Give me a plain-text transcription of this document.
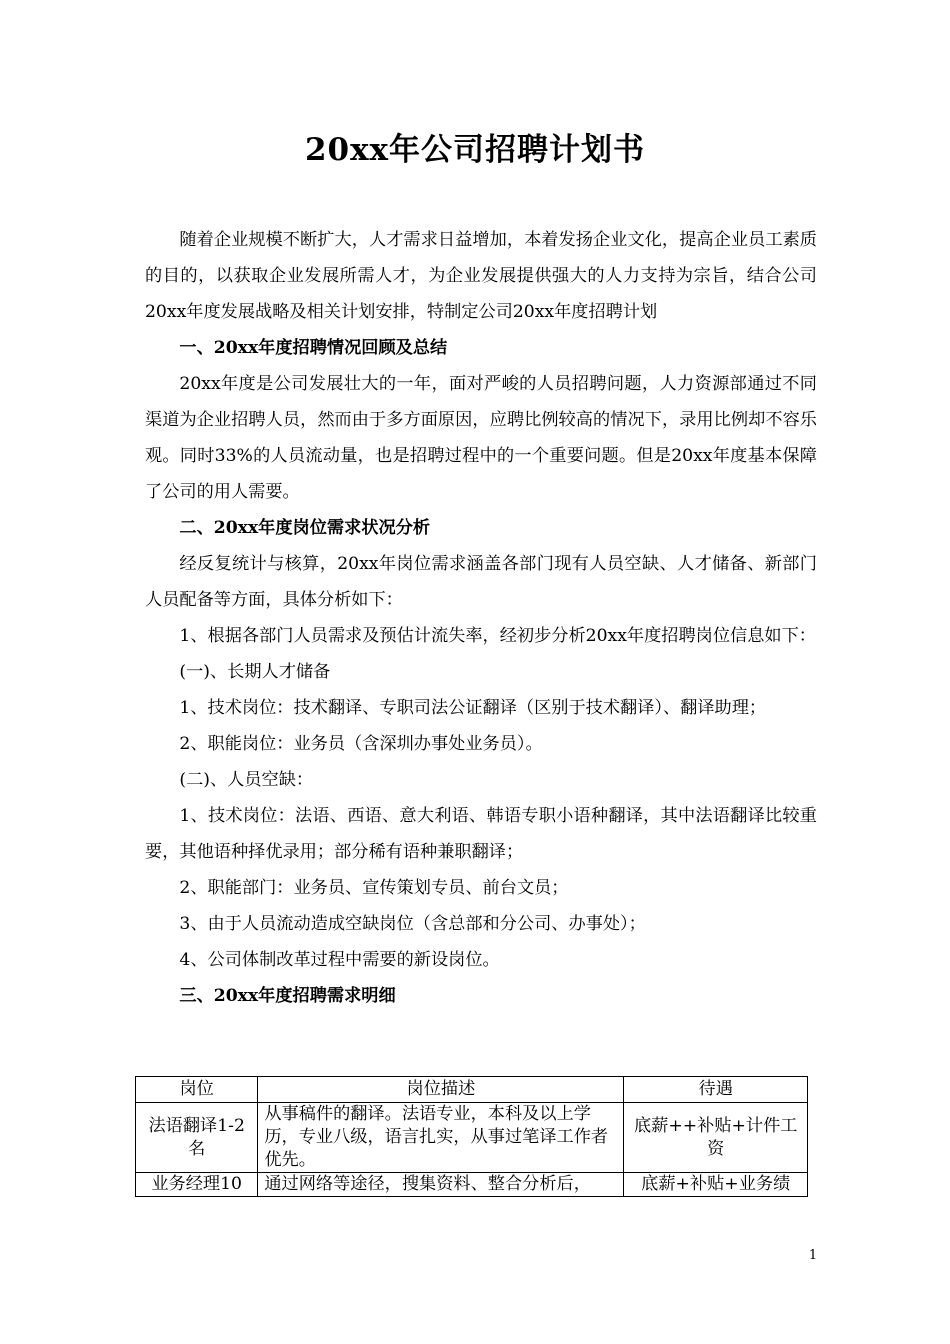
20xx年公司招聘计划书

随着企业规模不断扩大，人才需求日益增加，本着发扬企业文化，提高企业员工素质的目的，以获取企业发展所需人才，为企业发展提供强大的人力支持为宗旨，结合公司20xx年度发展战略及相关计划安排，特制定公司20xx年度招聘计划

一、20xx年度招聘情况回顾及总结

20xx年度是公司发展壮大的一年，面对严峻的人员招聘问题，人力资源部通过不同渠道为企业招聘人员，然而由于多方面原因，应聘比例较高的情况下，录用比例却不容乐观。同时33%的人员流动量，也是招聘过程中的一个重要问题。但是20xx年度基本保障了公司的用人需要。

二、20xx年度岗位需求状况分析

经反复统计与核算，20xx年岗位需求涵盖各部门现有人员空缺、人才储备、新部门人员配备等方面，具体分析如下：

1、根据各部门人员需求及预估计流失率，经初步分析20xx年度招聘岗位信息如下：

(一)、长期人才储备

1、技术岗位：技术翻译、专职司法公证翻译（区别于技术翻译）、翻译助理；

2、职能岗位：业务员（含深圳办事处业务员）。

(二)、人员空缺：

1、技术岗位：法语、西语、意大利语、韩语专职小语种翻译，其中法语翻译比较重要，其他语种择优录用；部分稀有语种兼职翻译；

2、职能部门：业务员、宣传策划专员、前台文员；

3、由于人员流动造成空缺岗位（含总部和分公司、办事处）；

4、公司体制改革过程中需要的新设岗位。

三、20xx年度招聘需求明细

岗位	岗位描述	待遇
法语翻译1-2名	从事稿件的翻译。法语专业，本科及以上学历，专业八级，语言扎实，从事过笔译工作者优先。	底薪++补贴+计件工资
业务经理10	通过网络等途径，搜集资料、整合分析后，	底薪+补贴+业务绩
1
